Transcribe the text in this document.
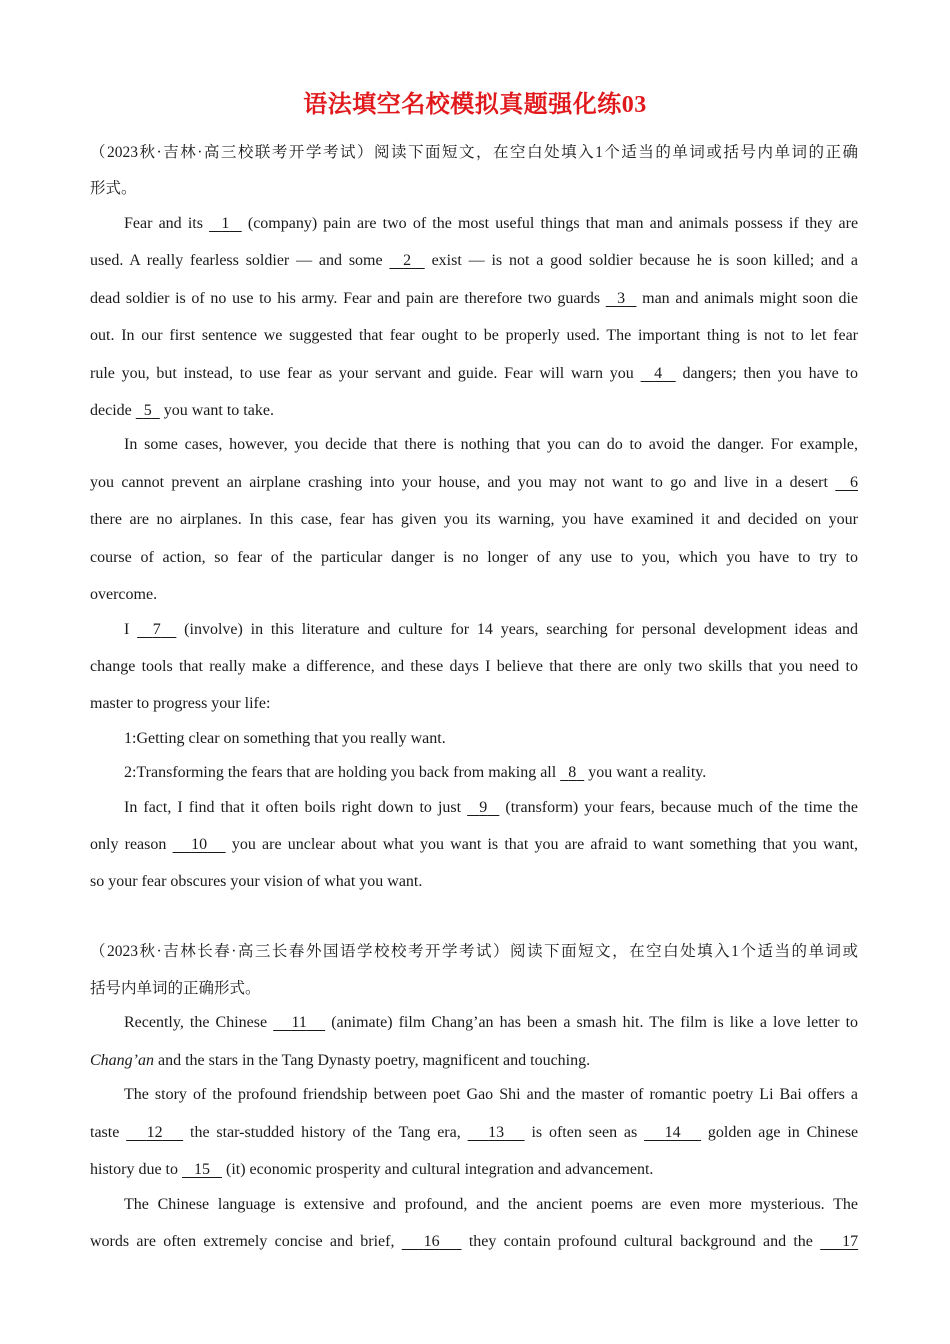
语法填空名校模拟真题强化练03
（2023秋·吉林·高三校联考开学考试）阅读下面短文，在空白处填入1个适当的单词或括号内单词的正确
形式。
Fear and its 1 (company) pain are two of the most useful things that man and animals possess if they are
used. A really fearless soldier — and some 2 exist — is not a good soldier because he is soon killed; and a
dead soldier is of no use to his army. Fear and pain are therefore two guards 3 man and animals might soon die
out. In our first sentence we suggested that fear ought to be properly used. The important thing is not to let fear
rule you, but instead, to use fear as your servant and guide. Fear will warn you 4 dangers; then you have to
decide 5 you want to take.
In some cases, however, you decide that there is nothing that you can do to avoid the danger. For example,
you cannot prevent an airplane crashing into your house, and you may not want to go and live in a desert 6
there are no airplanes. In this case, fear has given you its warning, you have examined it and decided on your
course of action, so fear of the particular danger is no longer of any use to you, which you have to try to
overcome.
I 7 (involve) in this literature and culture for 14 years, searching for personal development ideas and
change tools that really make a difference, and these days I believe that there are only two skills that you need to
master to progress your life:
1:Getting clear on something that you really want.
2:Transforming the fears that are holding you back from making all 8 you want a reality.
In fact, I find that it often boils right down to just 9 (transform) your fears, because much of the time the
only reason 10 you are unclear about what you want is that you are afraid to want something that you want,
so your fear obscures your vision of what you want.
（2023秋·吉林长春·高三长春外国语学校校考开学考试）阅读下面短文，在空白处填入1个适当的单词或
括号内单词的正确形式。
Recently, the Chinese 11 (animate) film Chang’an has been a smash hit. The film is like a love letter to
Chang’an and the stars in the Tang Dynasty poetry, magnificent and touching.
The story of the profound friendship between poet Gao Shi and the master of romantic poetry Li Bai offers a
taste 12 the star-studded history of the Tang era, 13 is often seen as 14 golden age in Chinese
history due to 15 (it) economic prosperity and cultural integration and advancement.
The Chinese language is extensive and profound, and the ancient poems are even more mysterious. The
words are often extremely concise and brief, 16 they contain profound cultural background and the 17
